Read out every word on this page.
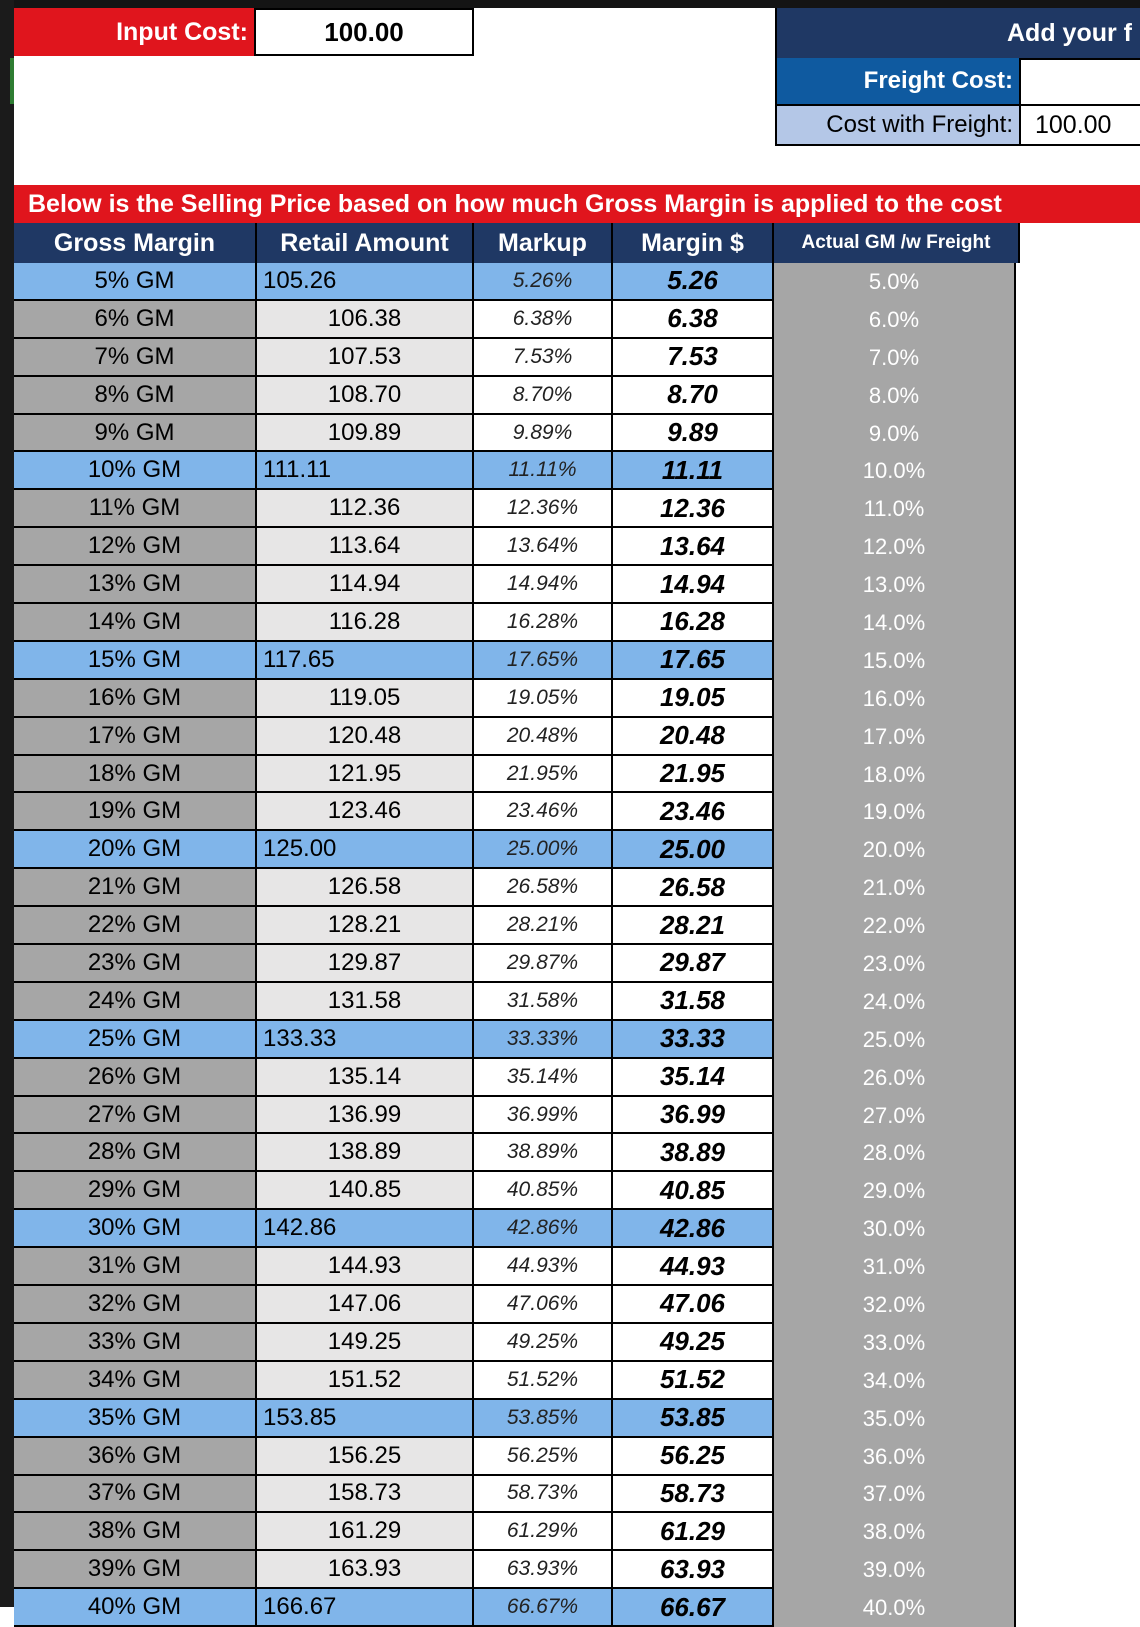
Input Cost:	100.00	Add your f
Freight Cost:
Cost with Freight: 100.00
Below is the Selling Price based on how much Gross Margin is applied to the cost
Gross Margin	Retail Amount	Markup	Margin $	Actual GM /w Freight
5% GM	105.26	5.26%	5.26	5.0%
6% GM	106.38	6.38%	6.38	6.0%
7% GM	107.53	7.53%	7.53	7.0%
8% GM	108.70	8.70%	8.70	8.0%
9% GM	109.89	9.89%	9.89	9.0%
10% GM	111.11	11.11%	11.11	10.0%
11% GM	112.36	12.36%	12.36	11.0%
12% GM	113.64	13.64%	13.64	12.0%
13% GM	114.94	14.94%	14.94	13.0%
14% GM	116.28	16.28%	16.28	14.0%
15% GM	117.65	17.65%	17.65	15.0%
16% GM	119.05	19.05%	19.05	16.0%
17% GM	120.48	20.48%	20.48	17.0%
18% GM	121.95	21.95%	21.95	18.0%
19% GM	123.46	23.46%	23.46	19.0%
20% GM	125.00	25.00%	25.00	20.0%
21% GM	126.58	26.58%	26.58	21.0%
22% GM	128.21	28.21%	28.21	22.0%
23% GM	129.87	29.87%	29.87	23.0%
24% GM	131.58	31.58%	31.58	24.0%
25% GM	133.33	33.33%	33.33	25.0%
26% GM	135.14	35.14%	35.14	26.0%
27% GM	136.99	36.99%	36.99	27.0%
28% GM	138.89	38.89%	38.89	28.0%
29% GM	140.85	40.85%	40.85	29.0%
30% GM	142.86	42.86%	42.86	30.0%
31% GM	144.93	44.93%	44.93	31.0%
32% GM	147.06	47.06%	47.06	32.0%
33% GM	149.25	49.25%	49.25	33.0%
34% GM	151.52	51.52%	51.52	34.0%
35% GM	153.85	53.85%	53.85	35.0%
36% GM	156.25	56.25%	56.25	36.0%
37% GM	158.73	58.73%	58.73	37.0%
38% GM	161.29	61.29%	61.29	38.0%
39% GM	163.93	63.93%	63.93	39.0%
40% GM	166.67	66.67%	66.67	40.0%
